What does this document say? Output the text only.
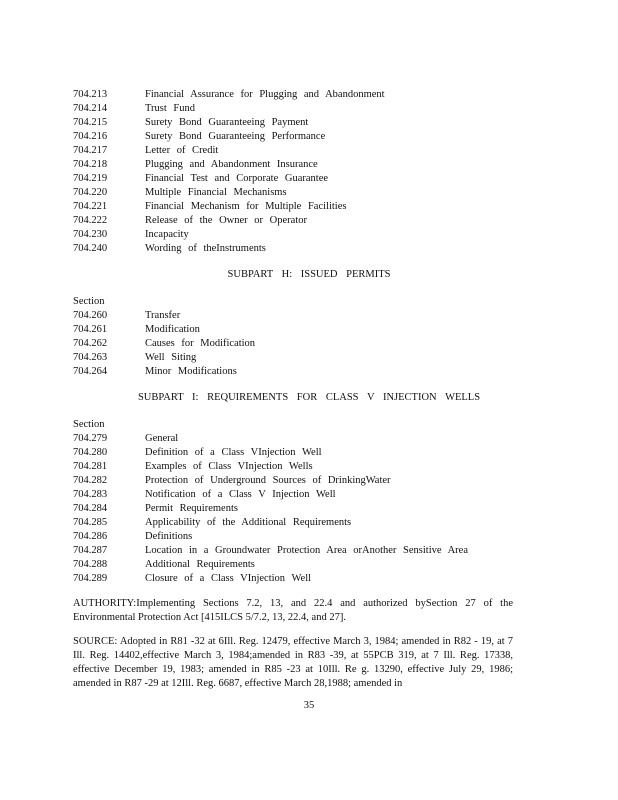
704.213	Financial Assurance for Plugging and Abandonment
704.214	Trust Fund
704.215	Surety Bond Guaranteeing Payment
704.216	Surety Bond Guaranteeing Performance
704.217	Letter of Credit
704.218	Plugging and Abandonment Insurance
704.219	Financial Test and Corporate Guarantee
704.220	Multiple Financial Mechanisms
704.221	Financial Mechanism for Multiple Facilities
704.222	Release of the Owner or Operator
704.230	Incapacity
704.240	Wording of theInstruments
SUBPART H: ISSUED PERMITS
Section
704.260	Transfer
704.261	Modification
704.262	Causes for Modification
704.263	Well Siting
704.264	Minor Modifications
SUBPART I: REQUIREMENTS FOR CLASS V INJECTION WELLS
Section
704.279	General
704.280	Definition of a Class VInjection Well
704.281	Examples of Class VInjection Wells
704.282	Protection of Underground Sources of DrinkingWater
704.283	Notification of a Class V Injection Well
704.284	Permit Requirements
704.285	Applicability of the Additional Requirements
704.286	Definitions
704.287	Location in a Groundwater Protection Area orAnother Sensitive Area
704.288	Additional Requirements
704.289	Closure of a Class VInjection Well
AUTHORITY:Implementing Sections 7.2, 13, and 22.4 and authorized bySection 27 of the Environmental Protection Act [415ILCS 5/7.2, 13, 22.4, and 27].
SOURCE: Adopted in R81 -32 at 6Ill. Reg. 12479, effective March 3, 1984; amended in R82 - 19, at 7 Ill. Reg. 14402,effective March 3, 1984;amended in R83 -39, at 55PCB 319, at 7 Ill. Reg. 17338, effective December 19, 1983; amended in R85 -23 at 10Ill. Re g. 13290, effective July 29, 1986; amended in R87 -29 at 12Ill. Reg. 6687, effective March 28,1988; amended in
35
